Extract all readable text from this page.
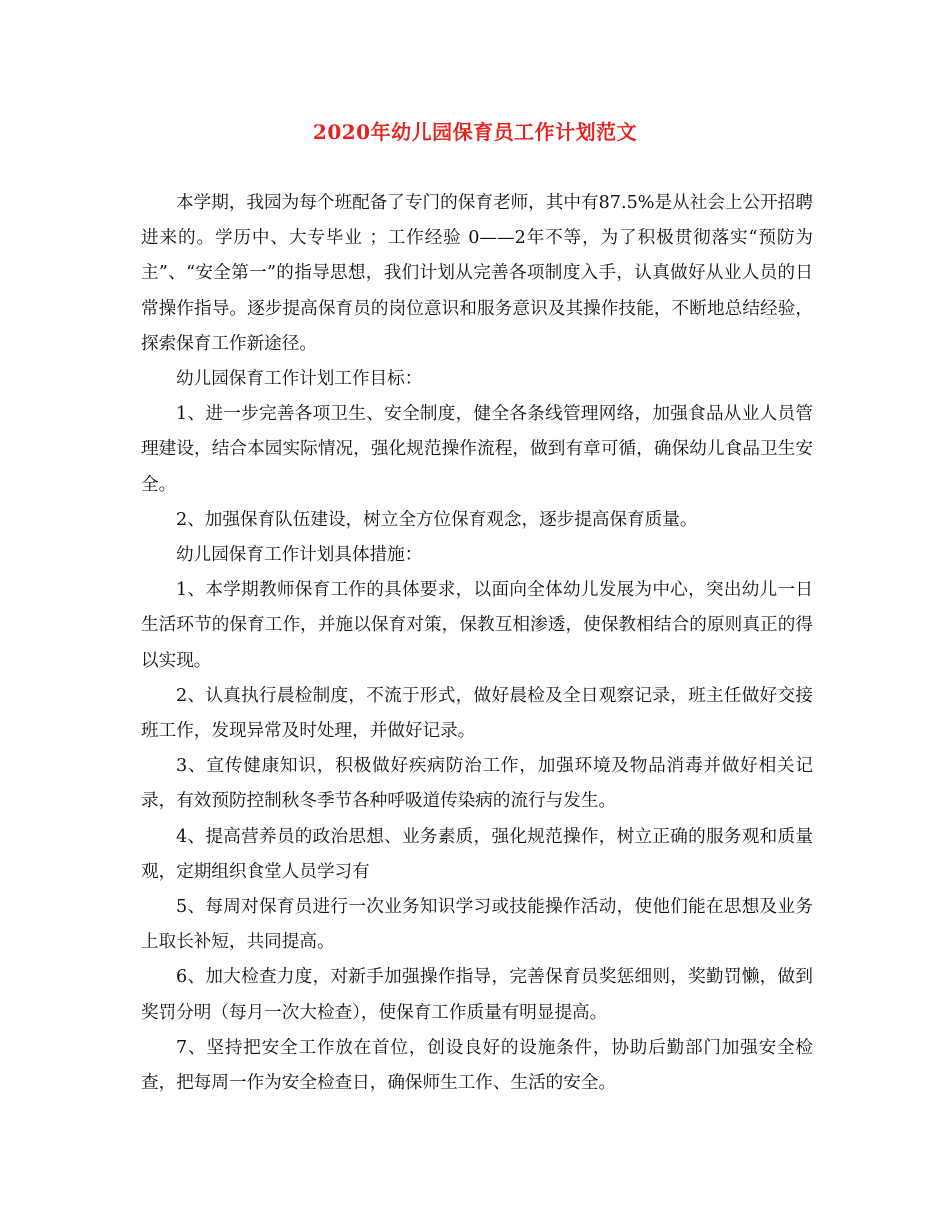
2020年幼儿园保育员工作计划范文

本学期，我园为每个班配备了专门的保育老师，其中有87.5%是从社会上公开招聘进来的。学历中、大专毕业 ；工作经验 0——2年不等，为了积极贯彻落实“预防为主”、“安全第一”的指导思想，我们计划从完善各项制度入手，认真做好从业人员的日常操作指导。逐步提高保育员的岗位意识和服务意识及其操作技能，不断地总结经验，探索保育工作新途径。

幼儿园保育工作计划工作目标：

1、进一步完善各项卫生、安全制度，健全各条线管理网络，加强食品从业人员管理建设，结合本园实际情况，强化规范操作流程，做到有章可循，确保幼儿食品卫生安全。

2、加强保育队伍建设，树立全方位保育观念，逐步提高保育质量。

幼儿园保育工作计划具体措施：

1、本学期教师保育工作的具体要求，以面向全体幼儿发展为中心，突出幼儿一日生活环节的保育工作，并施以保育对策，保教互相渗透，使保教相结合的原则真正的得以实现。

2、认真执行晨检制度，不流于形式，做好晨检及全日观察记录，班主任做好交接班工作，发现异常及时处理，并做好记录。

3、宣传健康知识，积极做好疾病防治工作，加强环境及物品消毒并做好相关记录，有效预防控制秋冬季节各种呼吸道传染病的流行与发生。

4、提高营养员的政治思想、业务素质，强化规范操作，树立正确的服务观和质量观，定期组织食堂人员学习有

5、每周对保育员进行一次业务知识学习或技能操作活动，使他们能在思想及业务上取长补短，共同提高。

6、加大检查力度，对新手加强操作指导，完善保育员奖惩细则，奖勤罚懒，做到奖罚分明（每月一次大检查），使保育工作质量有明显提高。

7、坚持把安全工作放在首位，创设良好的设施条件，协助后勤部门加强安全检查，把每周一作为安全检查日，确保师生工作、生活的安全。
